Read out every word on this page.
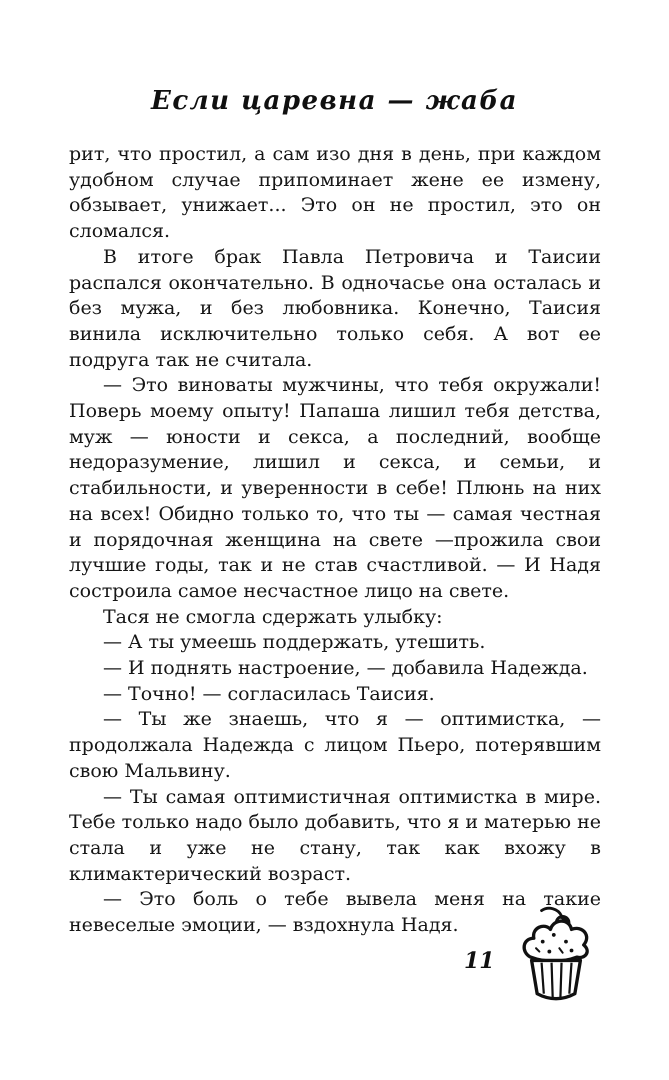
Если царевна — жаба

рит, что простил, а сам изо дня в день, при каждом удобном случае припоминает жене ее измену, обзывает, унижает... Это он не простил, это он сломался.

В итоге брак Павла Петровича и Таисии распался окончательно. В одночасье она осталась и без мужа, и без любовника. Конечно, Таисия винила исключительно только себя. А вот ее подруга так не считала.

— Это виноваты мужчины, что тебя окружали! Поверь моему опыту! Папаша лишил тебя детства, муж — юности и секса, а последний, вообще недоразумение, лишил и секса, и семьи, и стабильности, и уверенности в себе! Плюнь на них на всех! Обидно только то, что ты — самая честная и порядочная женщина на свете —прожила свои лучшие годы, так и не став счастливой. — И Надя состроила самое несчастное лицо на свете.

Тася не смогла сдержать улыбку:

— А ты умеешь поддержать, утешить.

— И поднять настроение, — добавила Надежда.

— Точно! — согласилась Таисия.

— Ты же знаешь, что я — оптимистка, — продолжала Надежда с лицом Пьеро, потерявшим свою Мальвину.

— Ты самая оптимистичная оптимистка в мире. Тебе только надо было добавить, что я и матерью не стала и уже не стану, так как вхожу в климактерический возраст.

— Это боль о тебе вывела меня на такие невеселые эмоции, — вздохнула Надя.

11
